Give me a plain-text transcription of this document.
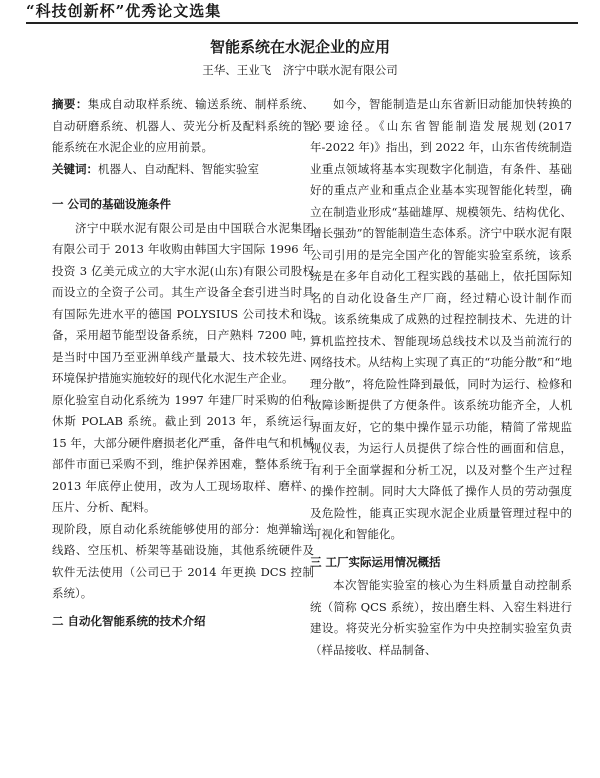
“科技创新杯”优秀论文选集
智能系统在水泥企业的应用
王华、王业飞　济宁中联水泥有限公司

摘要：集成自动取样系统、输送系统、制样系统、自动研磨系统、机器人、荧光分析及配料系统的智能系统在水泥企业的应用前景。

关键词：机器人、自动配料、智能实验室

一 公司的基础设施条件

济宁中联水泥有限公司是由中国联合水泥集团有限公司于 2013 年收购由韩国大宇国际 1996 年投资 3 亿美元成立的大宇水泥(山东)有限公司股权而设立的全资子公司。其生产设备全套引进当时具有国际先进水平的德国 POLYSIUS 公司技术和设备，采用超节能型设备系统，日产熟料 7200 吨，是当时中国乃至亚洲单线产量最大、技术较先进、环境保护措施实施较好的现代化水泥生产企业。

原化验室自动化系统为 1997 年建厂时采购的伯利休斯 POLAB 系统。截止到 2013 年，系统运行 15 年，大部分硬件磨损老化严重，备件电气和机械部件市面已采购不到，维护保养困难，整体系统于 2013 年底停止使用，改为人工现场取样、磨样、压片、分析、配料。

现阶段，原自动化系统能够使用的部分：炮弹输送线路、空压机、桥架等基础设施，其他系统硬件及软件无法使用（公司已于 2014 年更换 DCS 控制系统）。

二 自动化智能系统的技术介绍

如今，智能制造是山东省新旧动能加快转换的必要途径。《山东省智能制造发展规划(2017 年-2022 年)》指出，到 2022 年，山东省传统制造业重点领域将基本实现数字化制造，有条件、基础好的重点产业和重点企业基本实现智能化转型，确立在制造业形成“基础雄厚、规模领先、结构优化、增长强劲”的智能制造生态体系。济宁中联水泥有限公司引用的是完全国产化的智能实验室系统，该系统是在多年自动化工程实践的基础上，依托国际知名的自动化设备生产厂商，经过精心设计制作而成。该系统集成了成熟的过程控制技术、先进的计算机监控技术、智能现场总线技术以及当前流行的网络技术。从结构上实现了真正的“功能分散”和“地理分散”，将危险性降到最低，同时为运行、检修和故障诊断提供了方便条件。该系统功能齐全，人机界面友好，它的集中操作显示功能，精简了常规监视仪表，为运行人员提供了综合性的画面和信息，有利于全面掌握和分析工况，以及对整个生产过程的操作控制。同时大大降低了操作人员的劳动强度及危险性，能真正实现水泥企业质量管理过程中的可视化和智能化。

三 工厂实际运用情况概括

本次智能实验室的核心为生料质量自动控制系统（简称 QCS 系统），按出磨生料、入窑生料进行建设。将荧光分析实验室作为中央控制实验室负责（样品接收、样品制备、
